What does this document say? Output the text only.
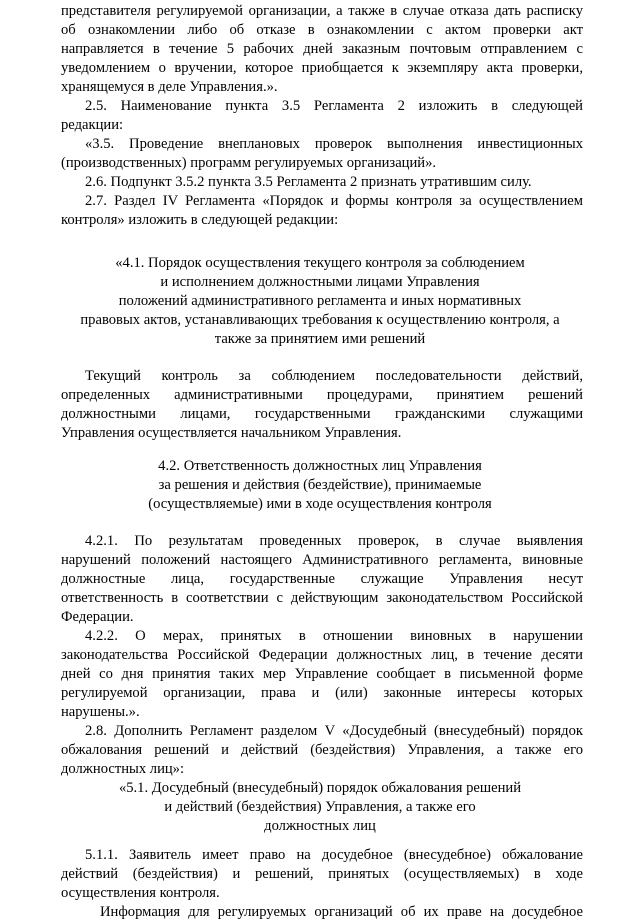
представителя регулируемой организации, а также в случае отказа дать расписку
об ознакомлении либо об отказе в ознакомлении с актом проверки акт
направляется в течение 5 рабочих дней заказным почтовым отправлением с
уведомлением о вручении, которое приобщается к экземпляру акта проверки,
хранящемуся в деле Управления.».
2.5. Наименование пункта 3.5 Регламента 2 изложить в следующей
редакции:
«3.5. Проведение внеплановых проверок выполнения инвестиционных
(производственных) программ регулируемых организаций».
2.6. Подпункт 3.5.2 пункта 3.5 Регламента 2 признать утратившим силу.
2.7. Раздел IV Регламента «Порядок и формы контроля за осуществлением
контроля» изложить в следующей редакции:
«4.1. Порядок осуществления текущего контроля за соблюдением
и исполнением должностными лицами Управления
положений административного регламента и иных нормативных
правовых актов, устанавливающих требования к осуществлению контроля, а
также за принятием ими решений
Текущий контроль за соблюдением последовательности действий,
определенных административными процедурами, принятием решений
должностными лицами, государственными гражданскими служащими
Управления осуществляется начальником Управления.
4.2. Ответственность должностных лиц Управления
за решения и действия (бездействие), принимаемые
(осуществляемые) ими в ходе осуществления контроля
4.2.1. По результатам проведенных проверок, в случае выявления
нарушений положений настоящего Административного регламента, виновные
должностные лица, государственные служащие Управления несут
ответственность в соответствии с действующим законодательством Российской
Федерации.
4.2.2. О мерах, принятых в отношении виновных в нарушении
законодательства Российской Федерации должностных лиц, в течение десяти
дней со дня принятия таких мер Управление сообщает в письменной форме
регулируемой организации, права и (или) законные интересы которых
нарушены.».
2.8. Дополнить Регламент разделом V «Досудебный (внесудебный) порядок
обжалования решений и действий (бездействия) Управления, а также его
должностных лиц»:
«5.1. Досудебный (внесудебный) порядок обжалования решений
и действий (бездействия) Управления, а также его
должностных лиц
5.1.1. Заявитель имеет право на досудебное (внесудебное) обжалование
действий (бездействия) и решений, принятых (осуществляемых) в ходе
осуществления контроля.
Информация для регулируемых организаций об их праве на досудебное
